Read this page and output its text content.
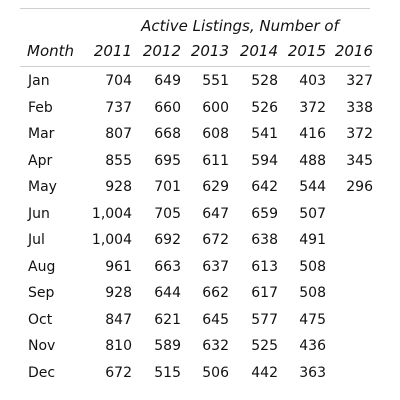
Active Listings, Number of
Month	2011 2012 2013 2014 2015 2016
Jan	704	649	551	528	403	327
Feb	737	660	600	526	372	338
Mar	807	668	608	541	416	372
Apr	855	695	611	594	488	345
May	928	701	629	642	544	296
Jun	1,004	705	647	659	507
Jul	1,004	692	672	638	491
Aug	961	663	637	613	508
Sep	928	644	662	617	508
Oct	847	621	645	577	475
Nov	810	589	632	525	436
Dec	672	515	506	442	363
